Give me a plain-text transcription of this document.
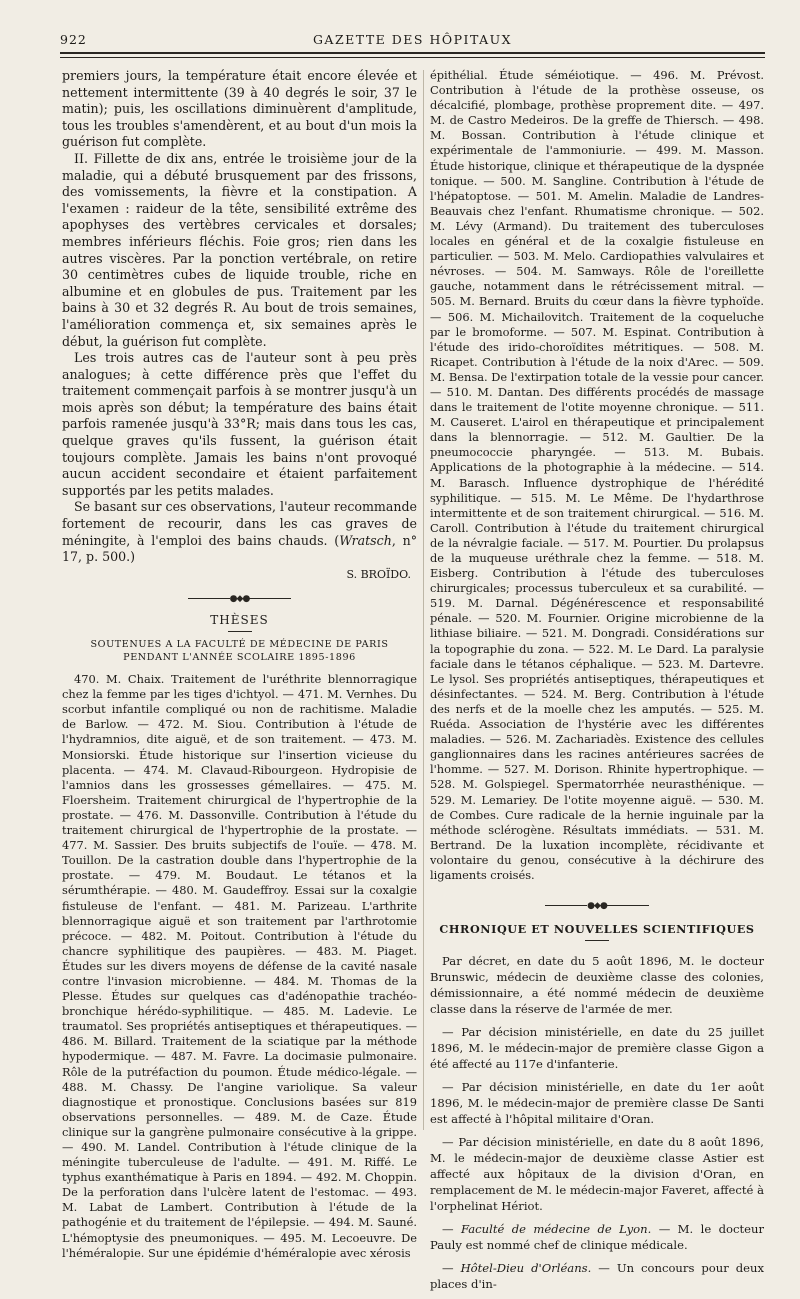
922	GAZETTE DES HÔPITAUX

premiers jours, la température était encore élevée et nettement intermittente (39 à 40 degrés le soir, 37 le matin); puis, les oscillations diminuèrent d'amplitude, tous les troubles s'amendèrent, et au bout d'un mois la guérison fut complète.

II. Fillette de dix ans, entrée le troisième jour de la maladie, qui a débuté brusquement par des frissons, des vomissements, la fièvre et la constipation. A l'examen : raideur de la tête, sensibilité extrême des apophyses des vertèbres cervicales et dorsales; membres inférieurs fléchis. Foie gros; rien dans les autres viscères. Par la ponction vertébrale, on retire 30 centimètres cubes de liquide trouble, riche en albumine et en globules de pus. Traitement par les bains à 30 et 32 degrés R. Au bout de trois semaines, l'amélioration commença et, six semaines après le début, la guérison fut complète.

Les trois autres cas de l'auteur sont à peu près analogues; à cette différence près que l'effet du traitement commençait parfois à se montrer jusqu'à un mois après son début; la température des bains était parfois ramenée jusqu'à 33°R; mais dans tous les cas, quelque graves qu'ils fussent, la guérison était toujours complète. Jamais les bains n'ont provoqué aucun accident secondaire et étaient parfaitement supportés par les petits malades.

Se basant sur ces observations, l'auteur recommande fortement de recourir, dans les cas graves de méningite, à l'emploi des bains chauds. (Wratsch, n° 17, p. 500.)

S. BROÏDO.
●◆●
THÈSES
SOUTENUES A LA FACULTÉ DE MÉDECINE DE PARIS
PENDANT L'ANNÉE SCOLAIRE 1895-1896

470. M. Chaix. Traitement de l'uréthrite blennorragique chez la femme par les tiges d'ichtyol. — 471. M. Vernhes. Du scorbut infantile compliqué ou non de rachitisme. Maladie de Barlow. — 472. M. Siou. Contribution à l'étude de l'hydramnios, dite aiguë, et de son traitement. — 473. M. Monsiorski. Étude historique sur l'insertion vicieuse du placenta. — 474. M. Clavaud-Ribourgeon. Hydropisie de l'amnios dans les grossesses gémellaires. — 475. M. Floersheim. Traitement chirurgical de l'hypertrophie de la prostate. — 476. M. Dassonville. Contribution à l'étude du traitement chirurgical de l'hypertrophie de la prostate. — 477. M. Sassier. Des bruits subjectifs de l'ouïe. — 478. M. Touillon. De la castration double dans l'hypertrophie de la prostate. — 479. M. Boudaut. Le tétanos et la sérumthérapie. — 480. M. Gaudeffroy. Essai sur la coxalgie fistuleuse de l'enfant. — 481. M. Parizeau. L'arthrite blennorragique aiguë et son traitement par l'arthrotomie précoce. — 482. M. Poitout. Contribution à l'étude du chancre syphilitique des paupières. — 483. M. Piaget. Études sur les divers moyens de défense de la cavité nasale contre l'invasion microbienne. — 484. M. Thomas de la Plesse. Études sur quelques cas d'adénopathie trachéo-bronchique hérédo-syphilitique. — 485. M. Ladevie. Le traumatol. Ses propriétés antiseptiques et thérapeutiques. — 486. M. Billard. Traitement de la sciatique par la méthode hypodermique. — 487. M. Favre. La docimasie pulmonaire. Rôle de la putréfaction du poumon. Étude médico-légale. — 488. M. Chassy. De l'angine variolique. Sa valeur diagnostique et pronostique. Conclusions basées sur 819 observations personnelles. — 489. M. de Caze. Étude clinique sur la gangrène pulmonaire consécutive à la grippe. — 490. M. Landel. Contribution à l'étude clinique de la méningite tuberculeuse de l'adulte. — 491. M. Riffé. Le typhus exanthématique à Paris en 1894. — 492. M. Choppin. De la perforation dans l'ulcère latent de l'estomac. — 493. M. Labat de Lambert. Contribution à l'étude de la pathogénie et du traitement de l'épilepsie. — 494. M. Sauné. L'hémoptysie des pneumoniques. — 495. M. Lecoeuvre. De l'héméralopie. Sur une épidémie d'héméralopie avec xérosis

épithélial. Étude séméiotique. — 496. M. Prévost. Contribution à l'étude de la prothèse osseuse, os décalcifié, plombage, prothèse proprement dite. — 497. M. de Castro Medeiros. De la greffe de Thiersch. — 498. M. Bossan. Contribution à l'étude clinique et expérimentale de l'ammoniurie. — 499. M. Masson. Étude historique, clinique et thérapeutique de la dyspnée tonique. — 500. M. Sangline. Contribution à l'étude de l'hépatoptose. — 501. M. Amelin. Maladie de Landres-Beauvais chez l'enfant. Rhumatisme chronique. — 502. M. Lévy (Armand). Du traitement des tuberculoses locales en général et de la coxalgie fistuleuse en particulier. — 503. M. Melo. Cardiopathies valvulaires et névroses. — 504. M. Samways. Rôle de l'oreillette gauche, notamment dans le rétrécissement mitral. — 505. M. Bernard. Bruits du cœur dans la fièvre typhoïde. — 506. M. Michailovitch. Traitement de la coqueluche par le bromoforme. — 507. M. Espinat. Contribution à l'étude des irido-choroïdites métritiques. — 508. M. Ricapet. Contribution à l'étude de la noix d'Arec. — 509. M. Bensa. De l'extirpation totale de la vessie pour cancer. — 510. M. Dantan. Des différents procédés de massage dans le traitement de l'otite moyenne chronique. — 511. M. Causeret. L'airol en thérapeutique et principalement dans la blennorragie. — 512. M. Gaultier. De la pneumococcie pharyngée. — 513. M. Bubais. Applications de la photographie à la médecine. — 514. M. Barasch. Influence dystrophique de l'hérédité syphilitique. — 515. M. Le Même. De l'hydarthrose intermittente et de son traitement chirurgical. — 516. M. Caroll. Contribution à l'étude du traitement chirurgical de la névralgie faciale. — 517. M. Pourtier. Du prolapsus de la muqueuse uréthrale chez la femme. — 518. M. Eisberg. Contribution à l'étude des tuberculoses chirurgicales; processus tuberculeux et sa curabilité. — 519. M. Darnal. Dégénérescence et responsabilité pénale. — 520. M. Fournier. Origine microbienne de la lithiase biliaire. — 521. M. Dongradi. Considérations sur la topographie du zona. — 522. M. Le Dard. La paralysie faciale dans le tétanos céphalique. — 523. M. Dartevre. Le lysol. Ses propriétés antiseptiques, thérapeutiques et désinfectantes. — 524. M. Berg. Contribution à l'étude des nerfs et de la moelle chez les amputés. — 525. M. Ruéda. Association de l'hystérie avec les différentes maladies. — 526. M. Zachariadès. Existence des cellules ganglionnaires dans les racines antérieures sacrées de l'homme. — 527. M. Dorison. Rhinite hypertrophique. — 528. M. Golspiegel. Spermatorrhée neurasthénique. — 529. M. Lemariey. De l'otite moyenne aiguë. — 530. M. de Combes. Cure radicale de la hernie inguinale par la méthode sclérogène. Résultats immédiats. — 531. M. Bertrand. De la luxation incomplète, récidivante et volontaire du genou, consécutive à la déchirure des ligaments croisés.

●◆●
CHRONIQUE ET NOUVELLES SCIENTIFIQUES

Par décret, en date du 5 août 1896, M. le docteur Brunswic, médecin de deuxième classe des colonies, démissionnaire, a été nommé médecin de deuxième classe dans la réserve de l'armée de mer.

— Par décision ministérielle, en date du 25 juillet 1896, M. le médecin-major de première classe Gigon a été affecté au 117e d'infanterie.

— Par décision ministérielle, en date du 1er août 1896, M. le médecin-major de première classe De Santi est affecté à l'hôpital militaire d'Oran.

— Par décision ministérielle, en date du 8 août 1896, M. le médecin-major de deuxième classe Astier est affecté aux hôpitaux de la division d'Oran, en remplacement de M. le médecin-major Faveret, affecté à l'orphelinat Hériot.

— Faculté de médecine de Lyon. — M. le docteur Pauly est nommé chef de clinique médicale.

— Hôtel-Dieu d'Orléans. — Un concours pour deux places d'in-
